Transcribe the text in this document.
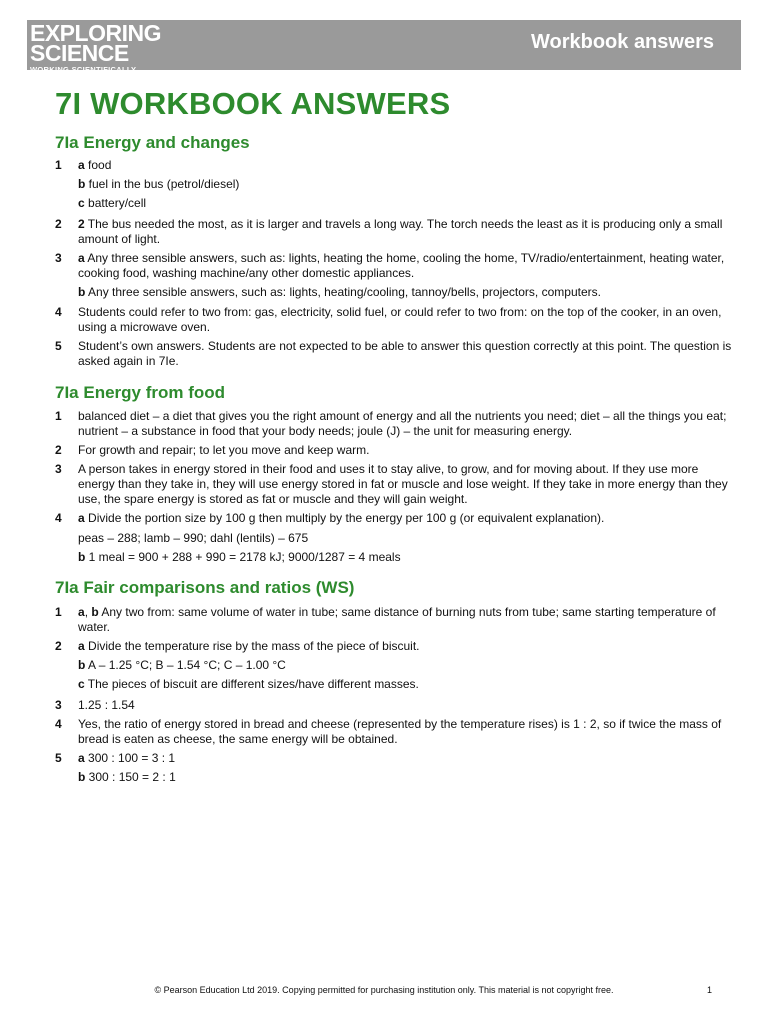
EXPLORING
SCIENCE
WORKING SCIENTIFICALLY
Workbook answers
7I WORKBOOK ANSWERS
7Ia Energy and changes
1	a food
b fuel in the bus (petrol/diesel)
c battery/cell
2	2 The bus needed the most, as it is larger and travels a long way. The torch needs the least as it is producing only a small amount of light.
3	a Any three sensible answers, such as: lights, heating the home, cooling the home, TV/radio/entertainment, heating water, cooking food, washing machine/any other domestic appliances.
b Any three sensible answers, such as: lights, heating/cooling, tannoy/bells, projectors, computers.
4	Students could refer to two from: gas, electricity, solid fuel, or could refer to two from: on the top of the cooker, in an oven, using a microwave oven.
5	Student’s own answers. Students are not expected to be able to answer this question correctly at this point. The question is asked again in 7Ie.
7Ia Energy from food
1	balanced diet – a diet that gives you the right amount of energy and all the nutrients you need; diet – all the things you eat; nutrient – a substance in food that your body needs; joule (J) – the unit for measuring energy.
2	For growth and repair; to let you move and keep warm.
3	A person takes in energy stored in their food and uses it to stay alive, to grow, and for moving about. If they use more energy than they take in, they will use energy stored in fat or muscle and lose weight. If they take in more energy than they use, the spare energy is stored as fat or muscle and they will gain weight.
4	a Divide the portion size by 100 g then multiply by the energy per 100 g (or equivalent explanation).
peas – 288; lamb – 990; dahl (lentils) – 675
b 1 meal = 900 + 288 + 990 = 2178 kJ; 9000/1287 = 4 meals
7Ia Fair comparisons and ratios (WS)
1	a, b Any two from: same volume of water in tube; same distance of burning nuts from tube; same starting temperature of water.
2	a Divide the temperature rise by the mass of the piece of biscuit.
b A – 1.25 °C; B – 1.54 °C; C – 1.00 °C
c The pieces of biscuit are different sizes/have different masses.
3	1.25 : 1.54
4	Yes, the ratio of energy stored in bread and cheese (represented by the temperature rises) is 1 : 2, so if twice the mass of bread is eaten as cheese, the same energy will be obtained.
5	a 300 : 100 = 3 : 1
b 300 : 150 = 2 : 1
© Pearson Education Ltd 2019. Copying permitted for purchasing institution only. This material is not copyright free.	1
